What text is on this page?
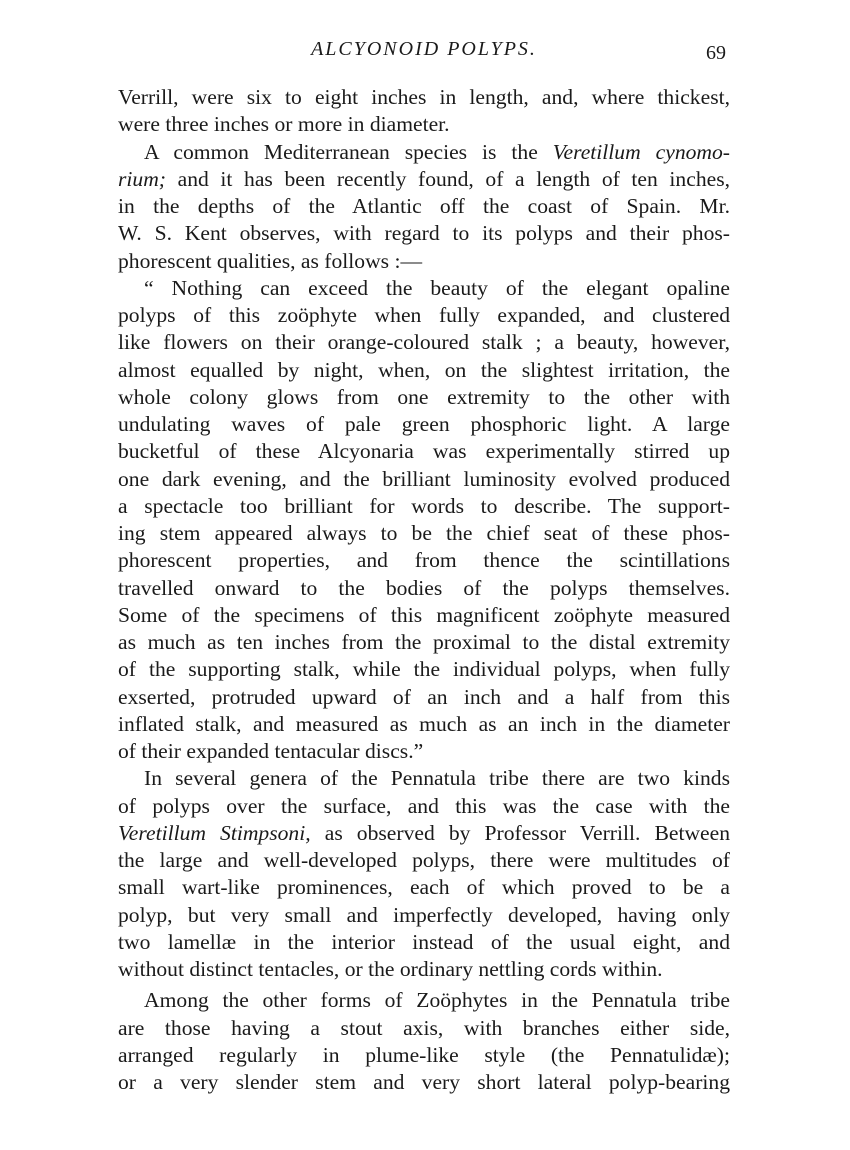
ALCYONOID POLYPS.	69
Verrill, were six to eight inches in length, and, where thickest,
were three inches or more in diameter.
A common Mediterranean species is the Veretillum cynomo-
rium; and it has been recently found, of a length of ten inches,
in the depths of the Atlantic off the coast of Spain. Mr.
W. S. Kent observes, with regard to its polyps and their phos-
phorescent qualities, as follows :—
“ Nothing can exceed the beauty of the elegant opaline
polyps of this zoöphyte when fully expanded, and clustered
like flowers on their orange-coloured stalk ; a beauty, however,
almost equalled by night, when, on the slightest irritation, the
whole colony glows from one extremity to the other with
undulating waves of pale green phosphoric light. A large
bucketful of these Alcyonaria was experimentally stirred up
one dark evening, and the brilliant luminosity evolved produced
a spectacle too brilliant for words to describe. The support-
ing stem appeared always to be the chief seat of these phos-
phorescent properties, and from thence the scintillations
travelled onward to the bodies of the polyps themselves.
Some of the specimens of this magnificent zoöphyte measured
as much as ten inches from the proximal to the distal extremity
of the supporting stalk, while the individual polyps, when fully
exserted, protruded upward of an inch and a half from this
inflated stalk, and measured as much as an inch in the diameter
of their expanded tentacular discs.”
In several genera of the Pennatula tribe there are two kinds
of polyps over the surface, and this was the case with the
Veretillum Stimpsoni, as observed by Professor Verrill. Between
the large and well-developed polyps, there were multitudes of
small wart-like prominences, each of which proved to be a
polyp, but very small and imperfectly developed, having only
two lamellæ in the interior instead of the usual eight, and
without distinct tentacles, or the ordinary nettling cords within.
Among the other forms of Zoöphytes in the Pennatula tribe
are those having a stout axis, with branches either side,
arranged regularly in plume-like style (the Pennatulidæ);
or a very slender stem and very short lateral polyp-bearing
